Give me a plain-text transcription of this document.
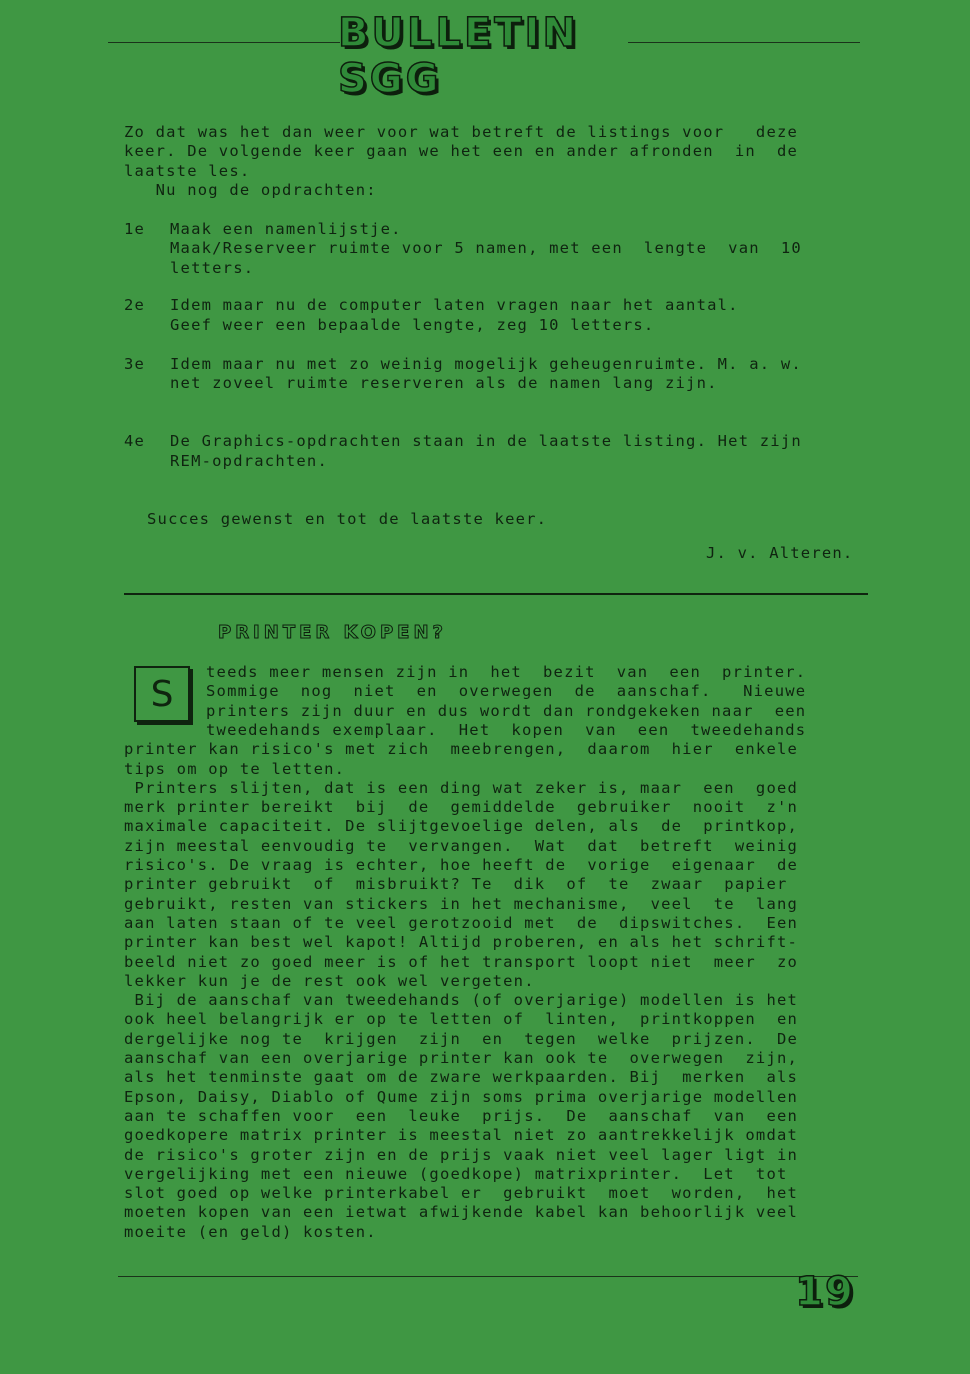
BULLETIN SGG
Zo dat was het dan weer voor wat betreft de listings voor   deze
keer. De volgende keer gaan we het een en ander afronden  in  de
laatste les.
Nu nog de opdrachten:
1e Maak een namenlijstje.
Maak/Reserveer ruimte voor 5 namen, met een  lengte  van  10
letters.
2e Idem maar nu de computer laten vragen naar het aantal.
Geef weer een bepaalde lengte, zeg 10 letters.
3e Idem maar nu met zo weinig mogelijk geheugenruimte. M. a. w.
net zoveel ruimte reserveren als de namen lang zijn.
4e De Graphics-opdrachten staan in de laatste listing. Het zijn
REM-opdrachten.
Succes gewenst en tot de laatste keer.
J. v. Alteren.
PRINTER KOPEN?
S
teeds meer mensen zijn in  het  bezit  van  een  printer.
Sommige  nog  niet  en  overwegen  de  aanschaf.   Nieuwe
printers zijn duur en dus wordt dan rondgekeken naar  een
tweedehands exemplaar.  Het  kopen  van  een  tweedehands
printer kan risico's met zich  meebrengen,  daarom  hier  enkele
tips om op te letten.
Printers slijten, dat is een ding wat zeker is, maar  een  goed
merk printer bereikt  bij  de  gemiddelde  gebruiker  nooit  z'n
maximale capaciteit. De slijtgevoelige delen, als  de  printkop,
zijn meestal eenvoudig te  vervangen.  Wat  dat  betreft  weinig
risico's. De vraag is echter, hoe heeft de  vorige  eigenaar  de
printer gebruikt  of  misbruikt? Te  dik  of  te  zwaar  papier
gebruikt, resten van stickers in het mechanisme,  veel  te  lang
aan laten staan of te veel gerotzooid met  de  dipswitches.  Een
printer kan best wel kapot! Altijd proberen, en als het schrift-
beeld niet zo goed meer is of het transport loopt niet  meer  zo
lekker kun je de rest ook wel vergeten.
Bij de aanschaf van tweedehands (of overjarige) modellen is het
ook heel belangrijk er op te letten of  linten,  printkoppen  en
dergelijke nog te  krijgen  zijn  en  tegen  welke  prijzen.  De
aanschaf van een overjarige printer kan ook te  overwegen  zijn,
als het tenminste gaat om de zware werkpaarden. Bij  merken  als
Epson, Daisy, Diablo of Qume zijn soms prima overjarige modellen
aan te schaffen voor  een  leuke  prijs.  De  aanschaf  van  een
goedkopere matrix printer is meestal niet zo aantrekkelijk omdat
de risico's groter zijn en de prijs vaak niet veel lager ligt in
vergelijking met een nieuwe (goedkope) matrixprinter.  Let  tot
slot goed op welke printerkabel er  gebruikt  moet  worden,  het
moeten kopen van een ietwat afwijkende kabel kan behoorlijk veel
moeite (en geld) kosten.
19
